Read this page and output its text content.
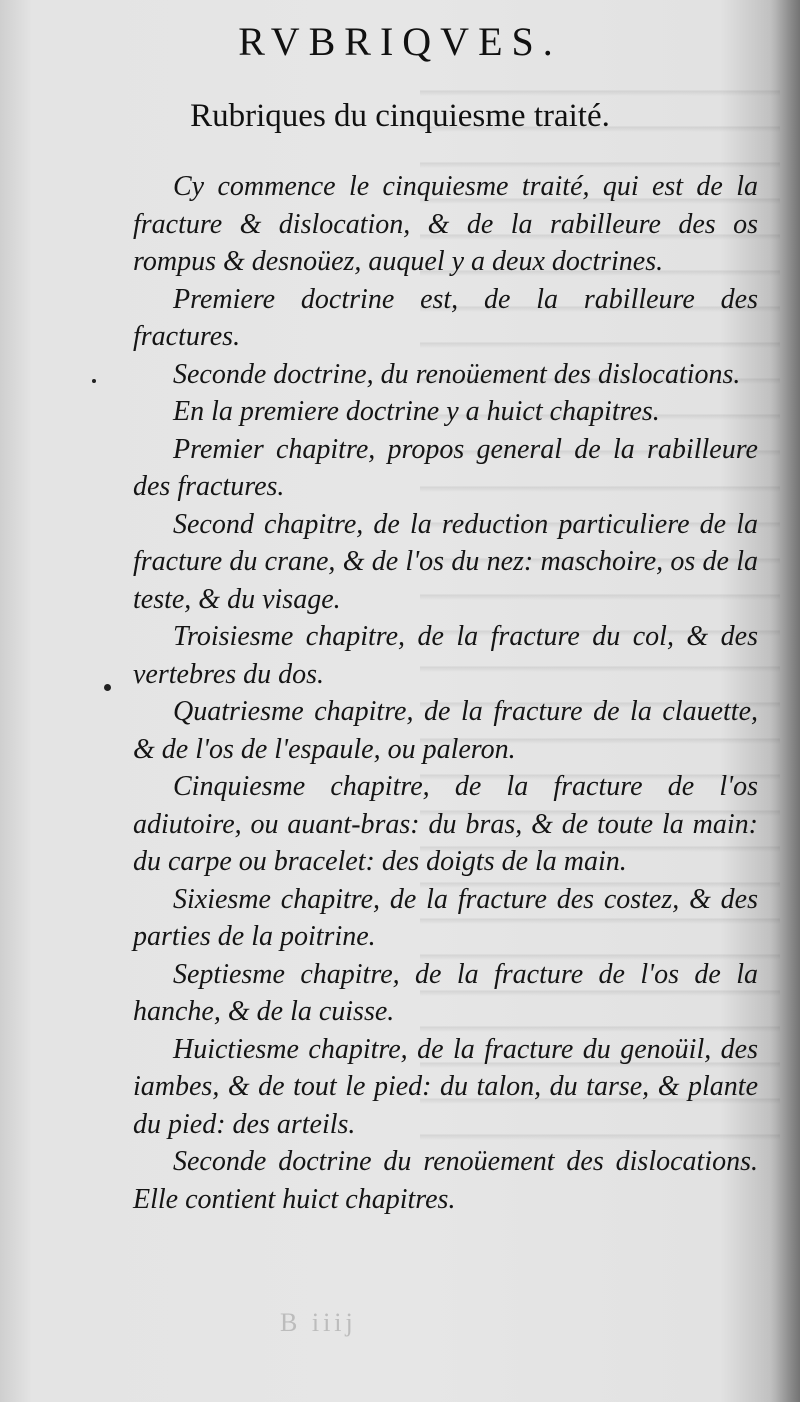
RVBRIQVES.
Rubriques du cinquiesme traité.

Cy commence le cinquiesme traité, qui est de la fracture & dislocation, & de la rabilleure des os rompus & desnoüez, auquel y a deux doctrines.

Premiere doctrine est, de la rabilleure des fractures.

Seconde doctrine, du renoüement des dislocations.

En la premiere doctrine y a huict chapitres.

Premier chapitre, propos general de la rabilleure des fractures.

Second chapitre, de la reduction particuliere de la fracture du crane, & de l'os du nez: maschoire, os de la teste, & du visage.

Troisiesme chapitre, de la fracture du col, & des vertebres du dos.

Quatriesme chapitre, de la fracture de la clauette, & de l'os de l'espaule, ou paleron.

Cinquiesme chapitre, de la fracture de l'os adiutoire, ou auant-bras: du bras, & de toute la main: du carpe ou bracelet: des doigts de la main.

Sixiesme chapitre, de la fracture des costez, & des parties de la poitrine.

Septiesme chapitre, de la fracture de l'os de la hanche, & de la cuisse.

Huictiesme chapitre, de la fracture du genoüil, des iambes, & de tout le pied: du talon, du tarse, & plante du pied: des arteils.

Seconde doctrine du renoüement des dislocations. Elle contient huict chapitres.

B iiij
